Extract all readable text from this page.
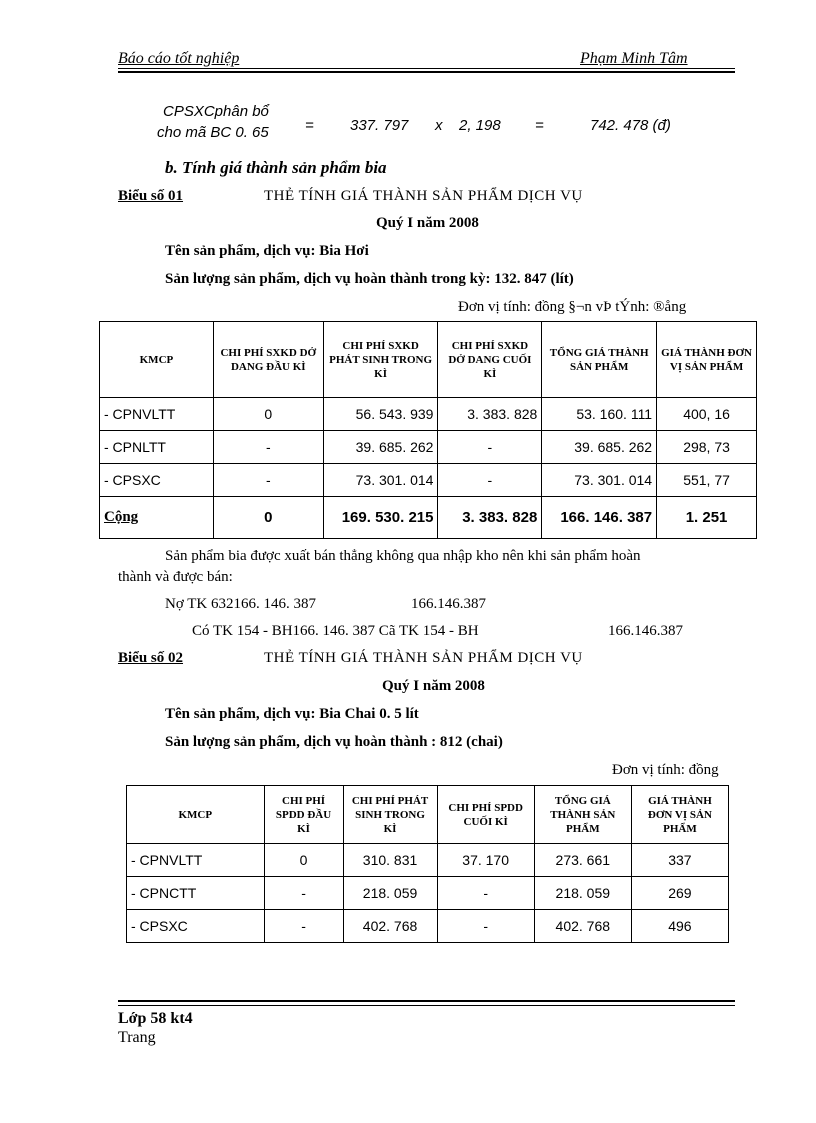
Báo cáo tốt nghiệp	Phạm Minh Tâm
CPSXCphân bổ
cho mã BC 0. 65 = 337. 797 x 2, 198 =	742. 478 (đ)
b. Tính giá thành sản phẩm bia
Biểu số 01	THẺ TÍNH GIÁ THÀNH SẢN PHẨM DỊCH VỤ
Quý I năm 2008
Tên sản phẩm, dịch vụ: Bia Hơi
Sản lượng sản phẩm, dịch vụ hoàn thành trong kỳ: 132. 847 (lít)
Đơn vị tính: đồng §¬n vÞ tÝnh: ®ång
KMCP	CHI PHÍ SXKD DỞ DANG ĐẦU KÌ	CHI PHÍ SXKD PHÁT SINH TRONG KÌ	CHI PHÍ SXKD DỞ DANG CUỐI KÌ	TỔNG GIÁ THÀNH SẢN PHẨM	GIÁ THÀNH ĐƠN VỊ SẢN PHẨM
- CPNVLTT	0	56. 543. 939	3. 383. 828	53. 160. 111	400, 16
- CPNLTT	-	39. 685. 262	-	39. 685. 262	298, 73
- CPSXC	-	73. 301. 014	-	73. 301. 014	551, 77
Cộng	0	169. 530. 215	3. 383. 828	166. 146. 387	1. 251
Sản phẩm bia được xuất bán thẳng không qua nhập kho nên khi sản phẩm hoàn
thành và được bán:
Nợ TK 632166. 146. 387	166.146.387
Có TK 154 - BH166. 146. 387 Cã TK 154 - BH	166.146.387
Biểu số 02	THẺ TÍNH GIÁ THÀNH SẢN PHẨM DỊCH VỤ
Quý I năm 2008
Tên sản phẩm, dịch vụ: Bia Chai 0. 5 lít
Sản lượng sản phẩm, dịch vụ hoàn thành : 812 (chai)
Đơn vị tính: đồng
KMCP	CHI PHÍ SPDD ĐẦU KÌ	CHI PHÍ PHÁT SINH TRONG KÌ	CHI PHÍ SPDD CUỐI KÌ	TỔNG GIÁ THÀNH SẢN PHẨM	GIÁ THÀNH ĐƠN VỊ SẢN PHẨM
- CPNVLTT	0	310. 831	37. 170	273. 661	337
- CPNCTT	-	218. 059	-	218. 059	269
- CPSXC	-	402. 768	-	402. 768	496
Lớp 58 kt4
Trang
